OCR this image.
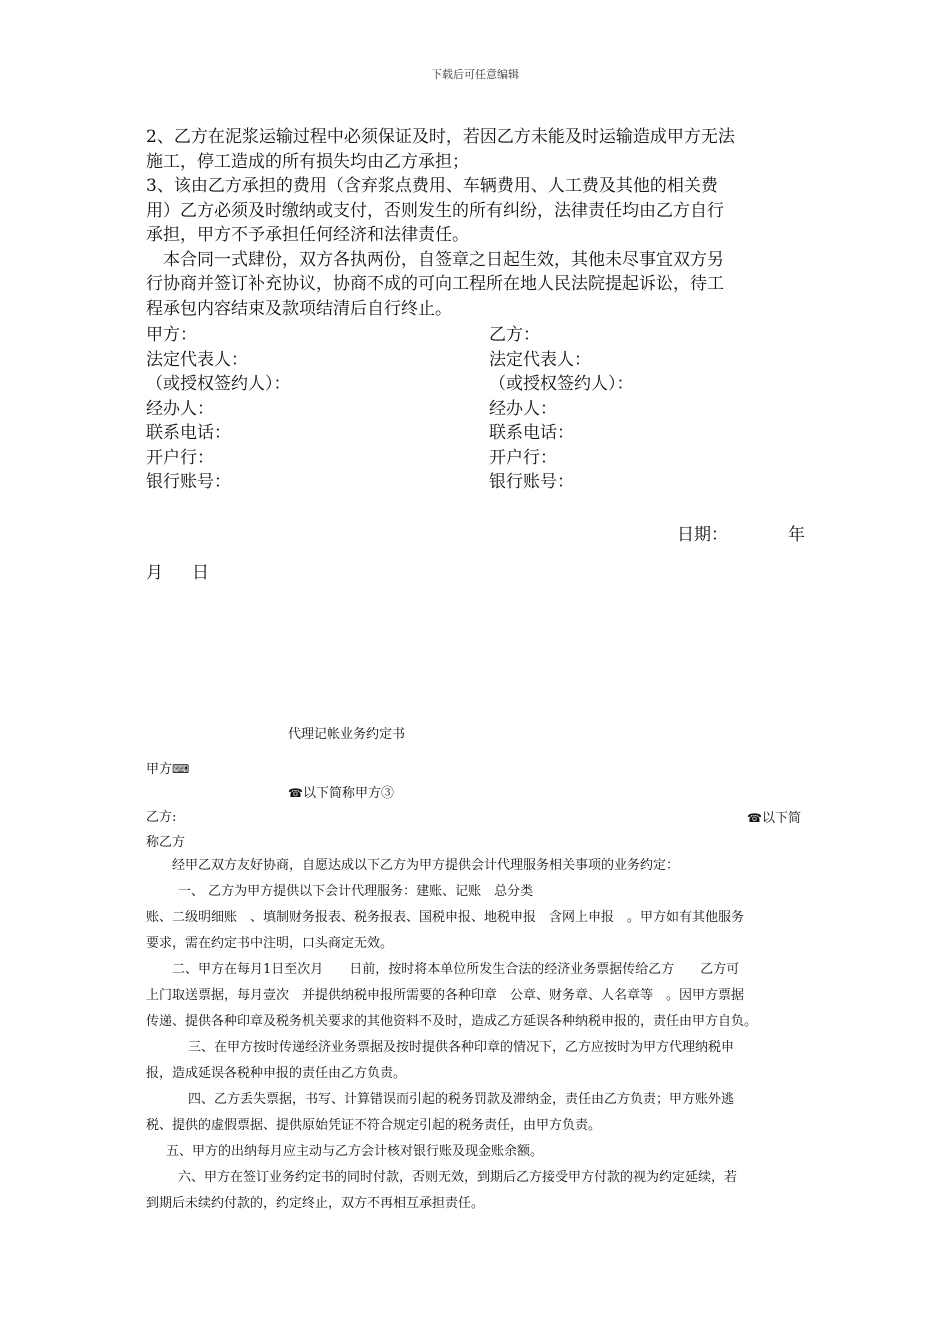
下载后可任意编辑
2、乙方在泥浆运输过程中必须保证及时，若因乙方未能及时运输造成甲方无法
施工，停工造成的所有损失均由乙方承担；
3、该由乙方承担的费用（含弃浆点费用、车辆费用、人工费及其他的相关费
用）乙方必须及时缴纳或支付，否则发生的所有纠纷，法律责任均由乙方自行
承担，甲方不予承担任何经济和法律责任。
　本合同一式肆份，双方各执两份，自签章之日起生效，其他未尽事宜双方另
行协商并签订补充协议，协商不成的可向工程所在地人民法院提起诉讼，待工
程承包内容结束及款项结清后自行终止。
甲方：
法定代表人：
（或授权签约人）：
经办人：
联系电话：
开户行：
银行账号：
乙方：
法定代表人：
（或授权签约人）：
经办人：
联系电话：
开户行：
银行账号：
日期：	年
月 日
代理记帐业务约定书
甲方⌨
☎以下简称甲方③
乙方:	☎以下简
称乙方
经甲乙双方友好协商，自愿达成以下乙方为甲方提供会计代理服务相关事项的业务约定：
一、 乙方为甲方提供以下会计代理服务：建账、记账　总分类
账、二级明细账　、填制财务报表、税务报表、国税申报、地税申报　含网上申报　。甲方如有其他服务
要求，需在约定书中注明，口头商定无效。
二、甲方在每月1日至次月　　日前，按时将本单位所发生合法的经济业务票据传给乙方　　乙方可
上门取送票据，每月壹次　并提供纳税申报所需要的各种印章　公章、财务章、人名章等　。因甲方票据
传递、提供各种印章及税务机关要求的其他资料不及时，造成乙方延误各种纳税申报的，责任由甲方自负。
三、在甲方按时传递经济业务票据及按时提供各种印章的情况下，乙方应按时为甲方代理纳税申
报，造成延误各税种申报的责任由乙方负责。
四、乙方丢失票据，书写、计算错误而引起的税务罚款及滞纳金，责任由乙方负责；甲方账外逃
税、提供的虚假票据、提供原始凭证不符合规定引起的税务责任，由甲方负责。
五、甲方的出纳每月应主动与乙方会计核对银行账及现金账余额。
六、甲方在签订业务约定书的同时付款，否则无效，到期后乙方接受甲方付款的视为约定延续，若
到期后未续约付款的，约定终止，双方不再相互承担责任。
